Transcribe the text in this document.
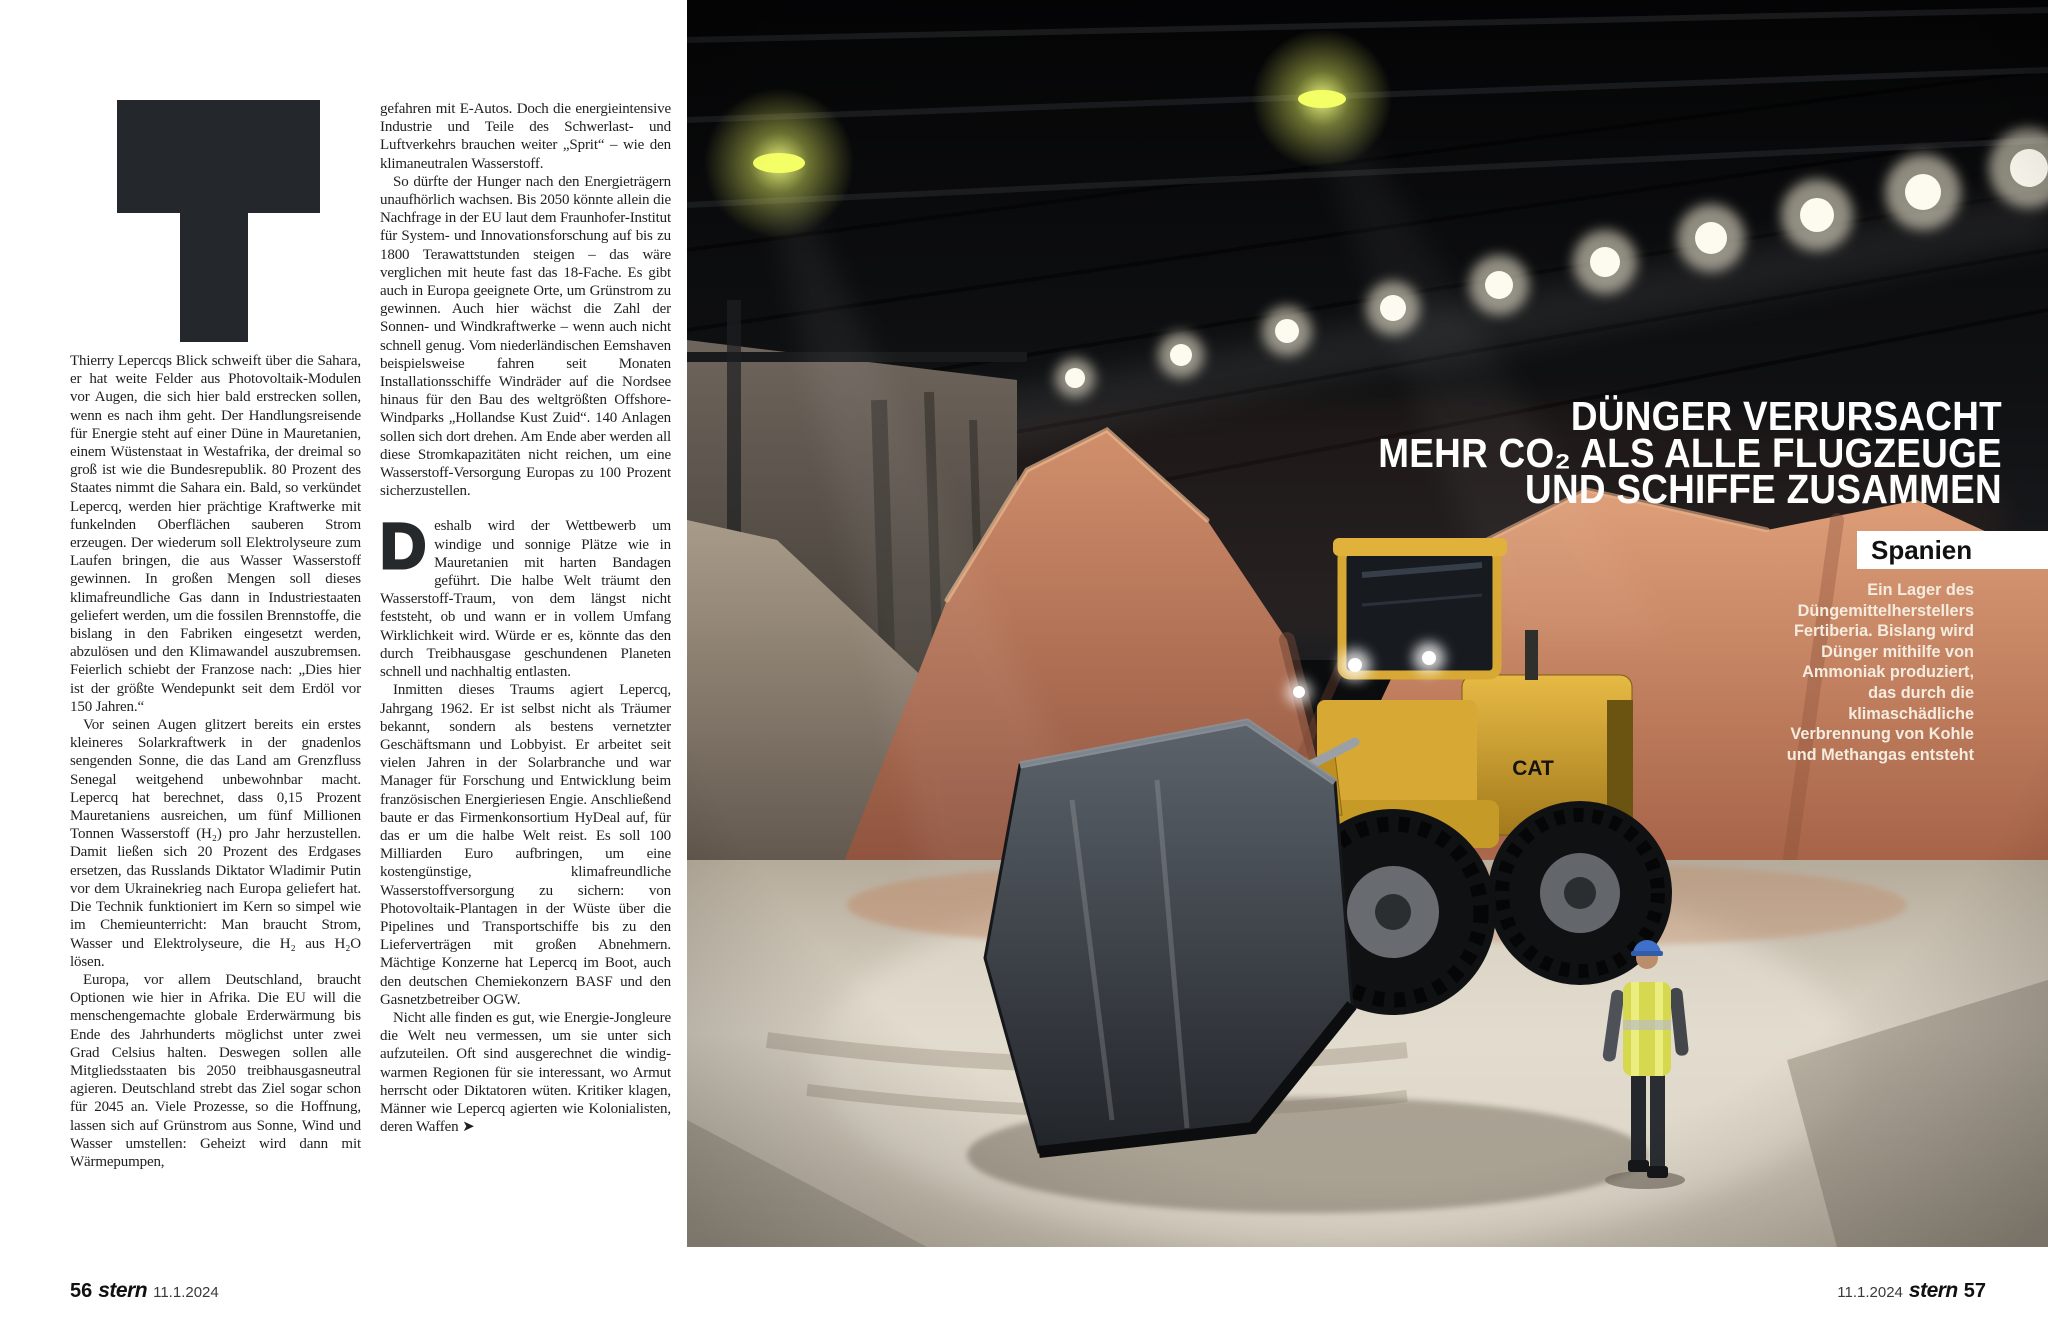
Thierry Lepercqs Blick schweift über die Sahara, er hat weite Felder aus Photovoltaik-Modulen vor Augen, die sich hier bald erstrecken sollen, wenn es nach ihm geht. Der Handlungsreisende für Energie steht auf einer Düne in Mauretanien, einem Wüstenstaat in Westafrika, der dreimal so groß ist wie die Bundesrepublik. 80 Prozent des Staates nimmt die Sahara ein. Bald, so verkündet Lepercq, werden hier prächtige Kraftwerke mit funkelnden Oberflächen sauberen Strom erzeugen. Der wiederum soll Elektrolyseure zum Laufen bringen, die aus Wasser Wasserstoff gewinnen. In großen Mengen soll dieses klimafreundliche Gas dann in Industriestaaten geliefert werden, um die fossilen Brennstoffe, die bislang in den Fabriken eingesetzt werden, abzulösen und den Klimawandel auszubremsen. Feierlich schiebt der Franzose nach: „Dies hier ist der größte Wendepunkt seit dem Erdöl vor 150 Jahren.“

Vor seinen Augen glitzert bereits ein erstes kleineres Solarkraftwerk in der gnadenlos sengenden Sonne, die das Land am Grenzfluss Senegal weitgehend unbewohnbar macht. Lepercq hat berechnet, dass 0,15 Prozent Mauretaniens ausreichen, um fünf Millionen Tonnen Wasserstoff (H₂) pro Jahr herzustellen. Damit ließen sich 20 Prozent des Erdgases ersetzen, das Russlands Diktator Wladimir Putin vor dem Ukrainekrieg nach Europa geliefert hat. Die Technik funktioniert im Kern so simpel wie im Chemieunterricht: Man braucht Strom, Wasser und Elektrolyseure, die H₂ aus H₂O lösen.

Europa, vor allem Deutschland, braucht Optionen wie hier in Afrika. Die EU will die menschengemachte globale Erderwärmung bis Ende des Jahrhunderts möglichst unter zwei Grad Celsius halten. Deswegen sollen alle Mitgliedsstaaten bis 2050 treibhausgasneutral agieren. Deutschland strebt das Ziel sogar schon für 2045 an. Viele Prozesse, so die Hoffnung, lassen sich auf Grünstrom aus Sonne, Wind und Wasser umstellen: Geheizt wird dann mit Wärmepumpen,

gefahren mit E-Autos. Doch die energieintensive Industrie und Teile des Schwerlast- und Luftverkehrs brauchen weiter „Sprit“ – wie den klimaneutralen Wasserstoff.

So dürfte der Hunger nach den Energieträgern unaufhörlich wachsen. Bis 2050 könnte allein die Nachfrage in der EU laut dem Fraunhofer-Institut für System- und Innovationsforschung auf bis zu 1800 Terawattstunden steigen – das wäre verglichen mit heute fast das 18-Fache. Es gibt auch in Europa geeignete Orte, um Grünstrom zu gewinnen. Auch hier wächst die Zahl der Sonnen- und Windkraftwerke – wenn auch nicht schnell genug. Vom niederländischen Eemshaven beispielsweise fahren seit Monaten Installationsschiffe Windräder auf die Nordsee hinaus für den Bau des weltgrößten Offshore-Windparks „Hollandse Kust Zuid“. 140 Anlagen sollen sich dort drehen. Am Ende aber werden all diese Stromkapazitäten nicht reichen, um eine Wasserstoff-Versorgung Europas zu 100 Prozent sicherzustellen.

D eshalb wird der Wettbewerb um windige und sonnige Plätze wie in Mauretanien mit harten Bandagen geführt. Die halbe Welt träumt den Wasserstoff-Traum, von dem längst nicht feststeht, ob und wann er in vollem Umfang Wirklichkeit wird. Würde er es, könnte das den durch Treibhausgase geschundenen Planeten schnell und nachhaltig entlasten.

Inmitten dieses Traums agiert Lepercq, Jahrgang 1962. Er ist selbst nicht als Träumer bekannt, sondern als bestens vernetzter Geschäftsmann und Lobbyist. Er arbeitet seit vielen Jahren in der Solarbranche und war Manager für Forschung und Entwicklung beim französischen Energieriesen Engie. Anschließend baute er das Firmenkonsortium HyDeal auf, für das er um die halbe Welt reist. Es soll 100 Milliarden Euro aufbringen, um eine kostengünstige, klimafreundliche Wasserstoffversorgung zu sichern: von Photovoltaik-Plantagen in der Wüste über die Pipelines und Transportschiffe bis zu den Lieferverträgen mit großen Abnehmern. Mächtige Konzerne hat Lepercq im Boot, auch den deutschen Chemiekonzern BASF und den Gasnetzbetreiber OGW.

Nicht alle finden es gut, wie Energie-Jongleure die Welt neu vermessen, um sie unter sich aufzuteilen. Oft sind ausgerechnet die windig-warmen Regionen für sie interessant, wo Armut herrscht oder Diktatoren wüten. Kritiker klagen, Männer wie Lepercq agierten wie Kolonialisten, deren Waffen ➤

DÜNGER VERURSACHT
MEHR CO₂ ALS ALLE FLUGZEUGE
UND SCHIFFE ZUSAMMEN
Spanien
Ein Lager des Düngemittelherstellers Fertiberia. Bislang wird Dünger mithilfe von Ammoniak produziert, das durch die klimaschädliche Verbrennung von Kohle und Methangas entsteht
56 stern 11.1.2024	11.1.2024 stern 57
